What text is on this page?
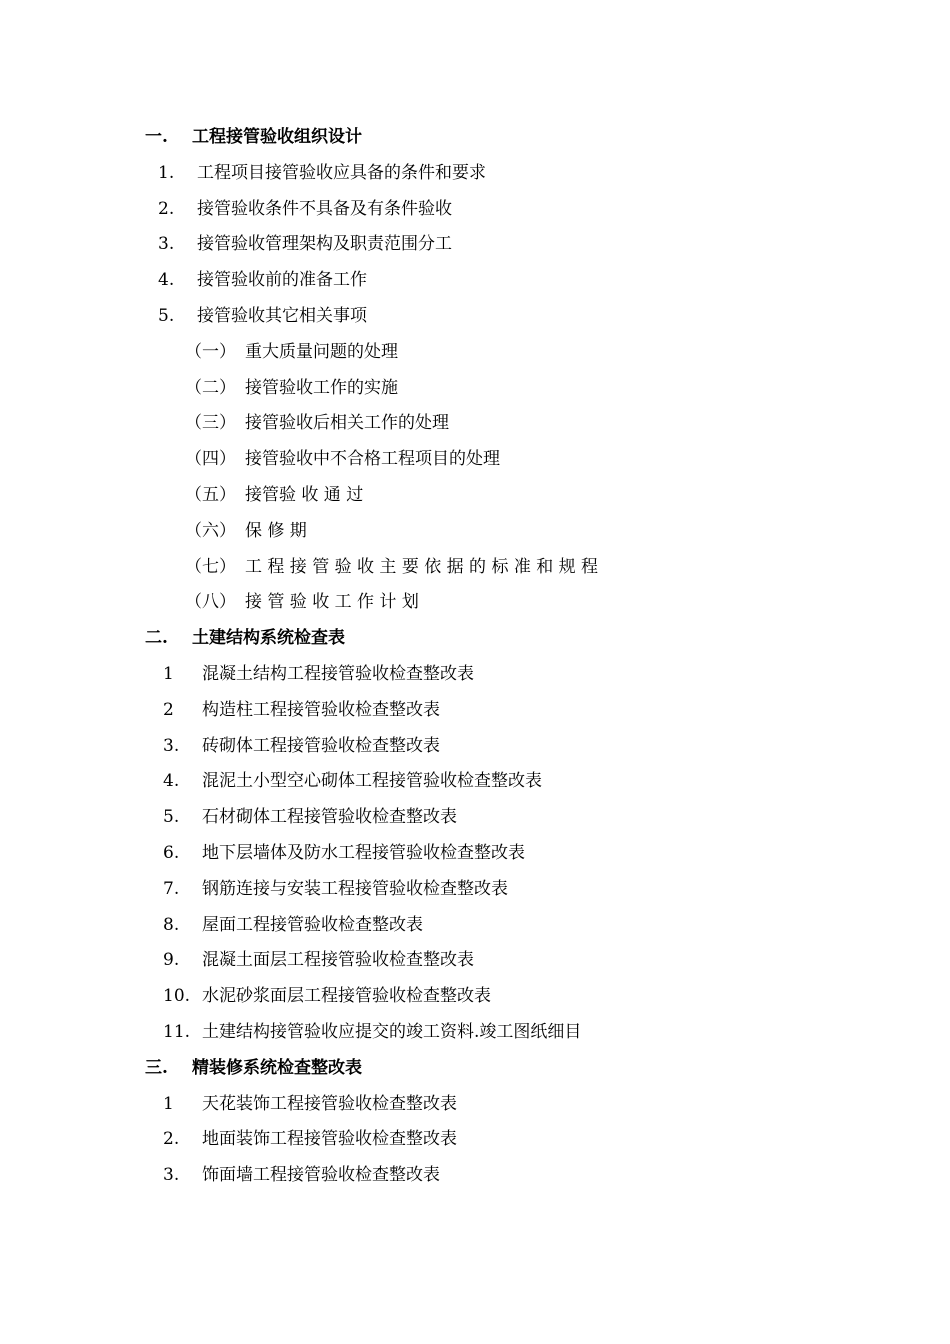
一. 工程接管验收组织设计
1. 工程项目接管验收应具备的条件和要求
2. 接管验收条件不具备及有条件验收
3. 接管验收管理架构及职责范围分工
4. 接管验收前的准备工作
5. 接管验收其它相关事项
（一） 重大质量问题的处理
（二） 接管验收工作的实施
（三） 接管验收后相关工作的处理
（四） 接管验收中不合格工程项目的处理
（五） 接管验 收 通 过
（六） 保 修 期
（七） 工 程 接 管 验 收 主 要 依 据 的 标 准 和 规 程
（八） 接 管 验 收 工 作 计 划
二. 土建结构系统检查表
1 混凝土结构工程接管验收检查整改表
2 构造柱工程接管验收检查整改表
3. 砖砌体工程接管验收检查整改表
4. 混泥土小型空心砌体工程接管验收检查整改表
5. 石材砌体工程接管验收检查整改表
6. 地下层墙体及防水工程接管验收检查整改表
7. 钢筋连接与安装工程接管验收检查整改表
8. 屋面工程接管验收检查整改表
9. 混凝土面层工程接管验收检查整改表
10. 水泥砂浆面层工程接管验收检查整改表
11. 土建结构接管验收应提交的竣工资料.竣工图纸细目
三. 精装修系统检查整改表
1 天花装饰工程接管验收检查整改表
2. 地面装饰工程接管验收检查整改表
3. 饰面墙工程接管验收检查整改表
